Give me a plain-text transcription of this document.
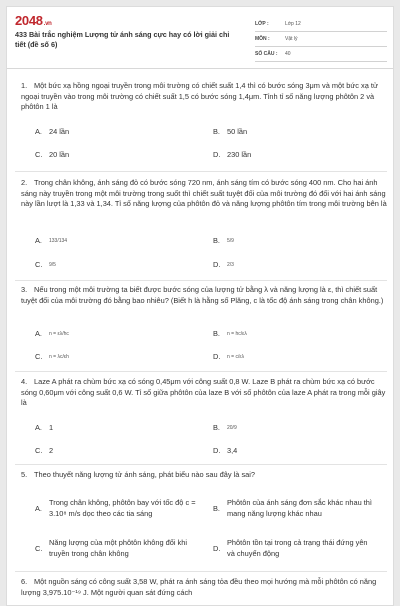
2048.vn
433 Bài trắc nghiệm Lượng tử ánh sáng cực hay có lời giải chi tiết (đề số 6)
LỚP :	Lớp 12
MÔN :	Vật lý
SỐ CÂU :	40
1. Một bức xạ hồng ngoại truyền trong môi trường có chiết suất 1,4 thì có bước sóng 3μm và một bức xạ tử ngoại truyền vào trong môi trường có chiết suất 1,5 có bước sóng 1,4μm. Tỉnh tỉ số năng lượng phôtôn 2 và phôtôn 1 là
A. 24 lần	B. 50 lần
C. 20 lần	D. 230 lần
2. Trong chân không, ánh sáng đỏ có bước sóng 720 nm, ánh sáng tím có bước sóng 400 nm. Cho hai ánh sáng này truyền trong một môi trường trong suốt thì chiết suất tuyệt đối của môi trường đó đối với hai ánh sáng này lần lượt là 1,33 và 1,34. Tỉ số năng lượng của phôtôn đỏ và năng lượng phôtôn tím trong môi trường bên là
A. 133/134	B. 5/9
C. 9/5	D. 2/3
3. Nếu trong một môi trường ta biết được bước sóng của lượng tử bằng λ và năng lượng là ε, thì chiết suất tuyệt đối của môi trường đó bằng bao nhiêu? (Biết h là hằng số Plăng, c là tốc độ ánh sáng trong chân không.)
A. n = ελ/hc	B. n = hc/ελ
C. n = λc/εh	D. n = c/ελ
4. Laze A phát ra chùm bức xạ có sóng 0,45μm với công suất 0,8 W. Laze B phát ra chùm bức xạ có bước sóng 0,60μm với công suất 0,6 W. Tỉ số giữa phôtôn của laze B với số phôtôn của laze A phát ra trong mỗi giây là
A. 1	B. 20/9
C. 2	D. 3,4
5. Theo thuyết năng lượng tử ánh sáng, phát biểu nào sau đây là sai?
A.
Trong chân không, phôtôn bay với tốc độ c = 3.10⁸ m/s dọc theo các tia sáng
B.
Phôtôn của ánh sáng đơn sắc khác nhau thì mang năng lượng khác nhau
C.
Năng lượng của một phôtôn không đổi khi truyền trong chân không
D.
Phôtôn tồn tại trong cả trạng thái đứng yên và chuyển động
6. Một nguồn sáng có công suất 3,58 W, phát ra ánh sáng tỏa đều theo mọi hướng mà mỗi phôtôn có năng lượng 3,975.10⁻¹⁹ J. Một người quan sát đứng cách
